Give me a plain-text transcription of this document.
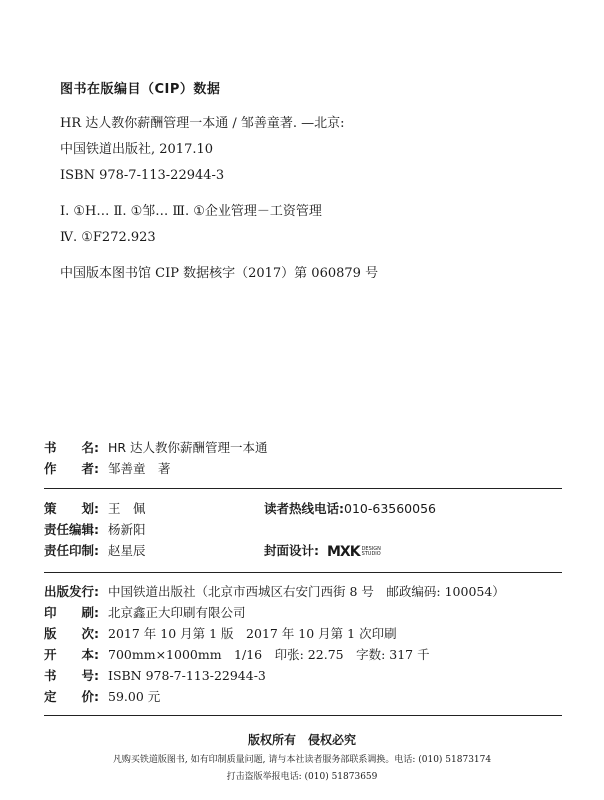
图书在版编目（CIP）数据
HR 达人教你薪酬管理一本通 / 邹善童著. —北京:
中国铁道出版社, 2017.10
ISBN 978-7-113-22944-3
Ⅰ. ①H… Ⅱ. ①邹… Ⅲ. ①企业管理－工资管理
Ⅳ. ①F272.923
中国版本图书馆 CIP 数据核字（2017）第 060879 号
书　　名: HR 达人教你薪酬管理一本通
作　　者: 邹善童　著
策　　划: 王　佩	读者热线电话:010-63560056
责任编辑: 杨新阳
责任印制: 赵星辰	封面设计: MXK DESIGN
STUDIO
出版发行: 中国铁道出版社（北京市西城区右安门西街 8 号　邮政编码: 100054）
印　　刷: 北京鑫正大印刷有限公司
版　　次: 2017 年 10 月第 1 版　2017 年 10 月第 1 次印刷
开　　本: 700mm×1000mm　1/16　印张: 22.75　字数: 317 千
书　　号: ISBN 978-7-113-22944-3
定　　价: 59.00 元
版权所有　侵权必究
凡购买铁道版图书, 如有印制质量问题, 请与本社读者服务部联系调换。电话: (010) 51873174
打击盗版举报电话: (010) 51873659
